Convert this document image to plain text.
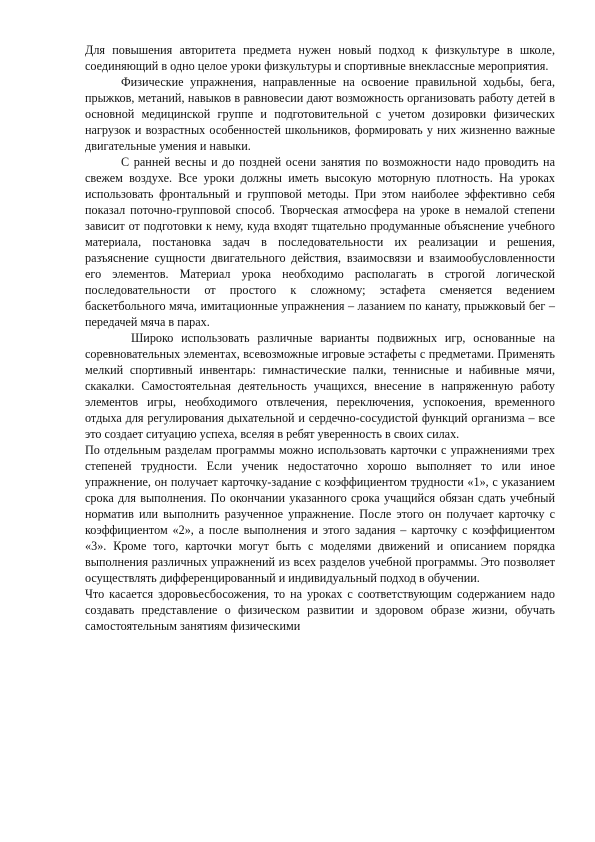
Для повышения авторитета предмета нужен новый подход к физкультуре в школе, соединяющий в одно целое уроки физкультуры и спортивные внеклассные мероприятия.

Физические упражнения, направленные на освоение правильной ходьбы, бега, прыжков, метаний, навыков в равновесии дают возможность организовать работу детей в основной медицинской группе и подготовительной с учетом дозировки физических нагрузок и возрастных особенностей школьников, формировать у них жизненно важные двигательные умения и навыки.

С ранней весны и до поздней осени занятия по возможности надо проводить на свежем воздухе. Все уроки должны иметь высокую моторную плотность. На уроках использовать фронтальный и групповой методы. При этом наиболее эффективно себя показал поточно-групповой способ. Творческая атмосфера на уроке в немалой степени зависит от подготовки к нему, куда входят тщательно продуманные объяснение учебного материала, постановка задач в последовательности их реализации и решения, разъяснение сущности двигательного действия, взаимосвязи и взаимообусловленности его элементов. Материал урока необходимо располагать в строгой логической последовательности от простого к сложному; эстафета сменяется ведением баскетбольного мяча, имитационные упражнения – лазанием по канату, прыжковый бег – передачей мяча в парах.

Широко использовать различные варианты подвижных игр, основанные на соревновательных элементах, всевозможные игровые эстафеты с предметами. Применять мелкий спортивный инвентарь: гимнастические палки, теннисные и набивные мячи, скакалки. Самостоятельная деятельность учащихся, внесение в напряженную работу элементов игры, необходимого отвлечения, переключения, успокоения, временного отдыха для регулирования дыхательной и сердечно-сосудистой функций организма – все это создает ситуацию успеха, вселяя в ребят уверенность в своих силах.

По отдельным разделам программы можно использовать карточки с упражнениями трех степеней трудности. Если ученик недостаточно хорошо выполняет то или иное упражнение, он получает карточку-задание с коэффициентом трудности «1», с указанием срока для выполнения. По окончании указанного срока учащийся обязан сдать учебный норматив или выполнить разученное упражнение. После этого он получает карточку с коэффициентом «2», а после выполнения и этого задания – карточку с коэффициентом «3». Кроме того, карточки могут быть с моделями движений и описанием порядка выполнения различных упражнений из всех разделов учебной программы. Это позволяет осуществлять дифференцированный и индивидуальный подход в обучении.

Что касается здоровьесбосожения, то на уроках с соответствующим содержанием надо создавать представление о физическом развитии и здоровом образе жизни, обучать самостоятельным занятиям физическими
